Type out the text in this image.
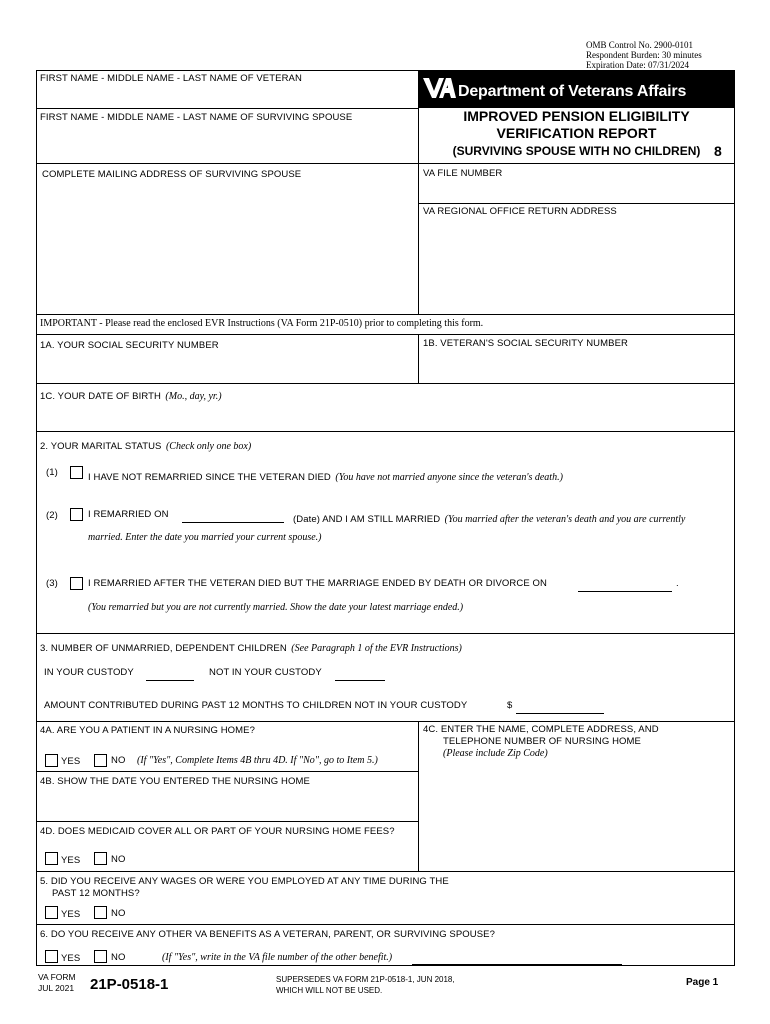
OMB Control No. 2900-0101
Respondent Burden: 30 minutes
Expiration Date: 07/31/2024
Department of Veterans Affairs
IMPROVED PENSION ELIGIBILITY
VERIFICATION REPORT
(SURVIVING SPOUSE WITH NO CHILDREN) 8
FIRST NAME - MIDDLE NAME - LAST NAME OF VETERAN
FIRST NAME - MIDDLE NAME - LAST NAME OF SURVIVING SPOUSE
COMPLETE MAILING ADDRESS OF SURVIVING SPOUSE	VA FILE NUMBER
VA REGIONAL OFFICE RETURN ADDRESS
IMPORTANT - Please read the enclosed EVR Instructions (VA Form 21P-0510) prior to completing this form.
1A. YOUR SOCIAL SECURITY NUMBER	1B. VETERAN'S SOCIAL SECURITY NUMBER
1C. YOUR DATE OF BIRTH (Mo., day, yr.)
2. YOUR MARITAL STATUS (Check only one box)
(1)	I HAVE NOT REMARRIED SINCE THE VETERAN DIED (You have not married anyone since the veteran's death.)
(2)	I REMARRIED ON	(Date) AND I AM STILL MARRIED (You married after the veteran's death and you are currently
married. Enter the date you married your current spouse.)
(3)	I REMARRIED AFTER THE VETERAN DIED BUT THE MARRIAGE ENDED BY DEATH OR DIVORCE ON	.
(You remarried but you are not currently married. Show the date your latest marriage ended.)
3. NUMBER OF UNMARRIED, DEPENDENT CHILDREN (See Paragraph 1 of the EVR Instructions)
IN YOUR CUSTODY	NOT IN YOUR CUSTODY
AMOUNT CONTRIBUTED DURING PAST 12 MONTHS TO CHILDREN NOT IN YOUR CUSTODY	$
4A. ARE YOU A PATIENT IN A NURSING HOME?
YES	NO (If "Yes", Complete Items 4B thru 4D. If "No", go to Item 5.)
4C. ENTER THE NAME, COMPLETE ADDRESS, AND
TELEPHONE NUMBER OF NURSING HOME
(Please include Zip Code)
4B. SHOW THE DATE YOU ENTERED THE NURSING HOME
4D. DOES MEDICAID COVER ALL OR PART OF YOUR NURSING HOME FEES?
YES	NO
5. DID YOU RECEIVE ANY WAGES OR WERE YOU EMPLOYED AT ANY TIME DURING THE
PAST 12 MONTHS?
YES	NO
6. DO YOU RECEIVE ANY OTHER VA BENEFITS AS A VETERAN, PARENT, OR SURVIVING SPOUSE?
YES	NO	(If "Yes", write in the VA file number of the other benefit.)
VA FORM
JUL 2021 21P-0518-1	SUPERSEDES VA FORM 21P-0518-1, JUN 2018,
WHICH WILL NOT BE USED.
Page 1
